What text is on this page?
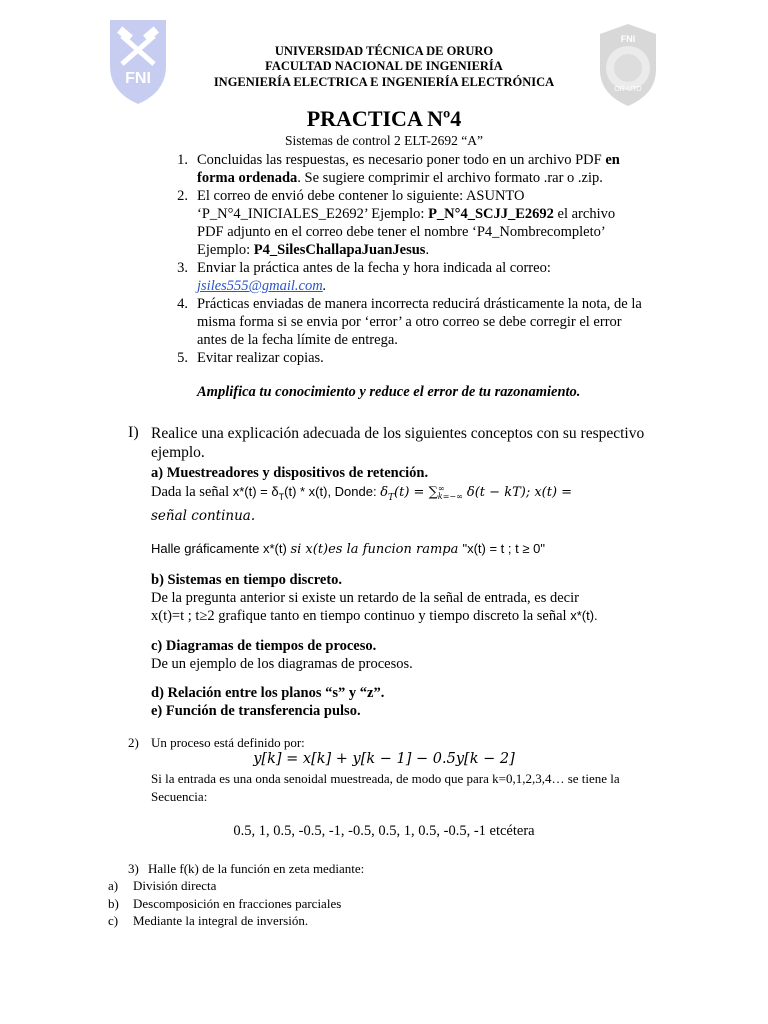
FNI
FNI
OR-UTO
UNIVERSIDAD TÉCNICA DE ORURO
FACULTAD NACIONAL DE INGENIERÍA
INGENIERÍA ELECTRICA E INGENIERÍA ELECTRÓNICA
PRACTICA Nº4
Sistemas de control 2 ELT-2692 “A”
1. Concluidas las respuestas, es necesario poner todo en un archivo PDF en
forma ordenada. Se sugiere comprimir el archivo formato .rar o .zip.
2. El correo de envió debe contener lo siguiente: ASUNTO
‘P_N°4_INICIALES_E2692’ Ejemplo: P_N°4_SCJJ_E2692 el archivo
PDF adjunto en el correo debe tener el nombre ‘P4_Nombrecompleto’
Ejemplo: P4_SilesChallapaJuanJesus.
3. Enviar la práctica antes de la fecha y hora indicada al correo:
jsiles555@gmail.com.
4. Prácticas enviadas de manera incorrecta reducirá drásticamente la nota, de la
misma forma si se envia por ‘error’ a otro correo se debe corregir el error
antes de la fecha límite de entrega.
5. Evitar realizar copias.
Amplifica tu conocimiento y reduce el error de tu razonamiento.
I) Realice una explicación adecuada de los siguientes conceptos con su respectivo
ejemplo.
a) Muestreadores y dispositivos de retención.
Dada la señal $x*(t) = \delta_T(t) * x(t)$, Donde: $\delta_T(t)$ = ∑ ∞
k=−∞ δ(t − kT); x(t) =
señal continua.
Halle gráficamente x*(t) si x(t)es la funcion rampa "x(t) = t ; t ≥ 0"
b) Sistemas en tiempo discreto.
De la pregunta anterior si existe un retardo de la señal de entrada, es decir
x(t)=t ; t≥2 grafique tanto en tiempo continuo y tiempo discreto la señal x*(t).
c) Diagramas de tiempos de proceso.
De un ejemplo de los diagramas de procesos.
d) Relación entre los planos “s” y “z”.
e) Función de transferencia pulso.
2) Un proceso está definido por:
y[k] = x[k] + y[k − 1] − 0.5y[k − 2]
Si la entrada es una onda senoidal muestreada, de modo que para k=0,1,2,3,4… se tiene la
Secuencia:
0.5, 1, 0.5, -0.5, -1, -0.5, 0.5, 1, 0.5, -0.5, -1 etcétera
3) Halle f(k) de la función en zeta mediante:
a) División directa
b) Descomposición en fracciones parciales
c) Mediante la integral de inversión.
